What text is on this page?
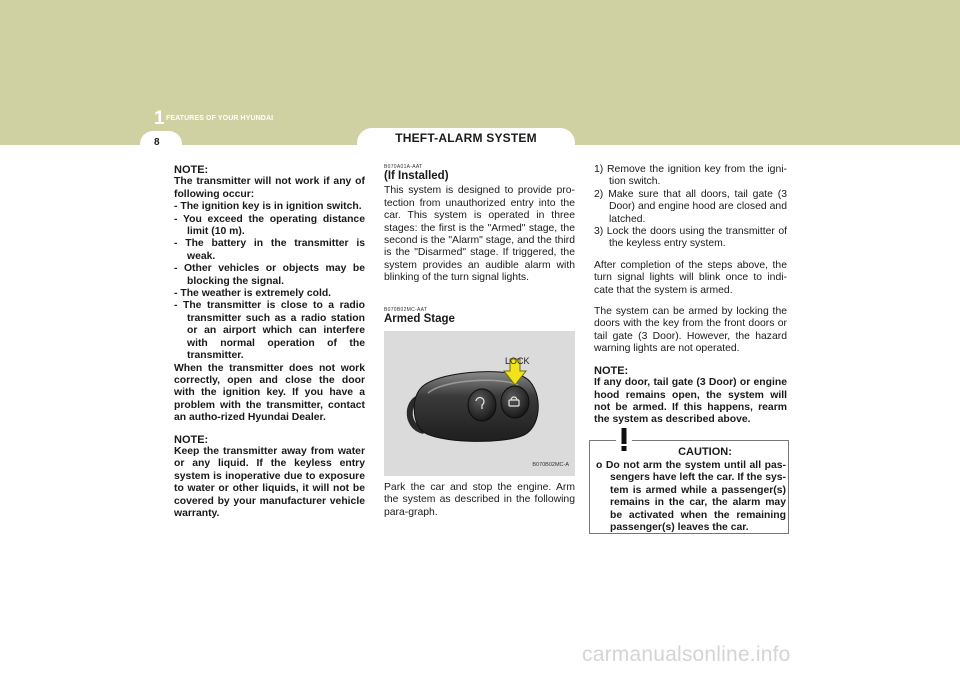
1 FEATURES OF YOUR HYUNDAI
8	THEFT-ALARM SYSTEM
NOTE:
The transmitter will not work if any of following occur:
- The ignition key is in ignition switch.
- You exceed the operating distance limit (10 m).
- The battery in the transmitter is weak.
- Other vehicles or objects may be blocking the signal.
- The weather is extremely cold.
- The transmitter is close to a radio transmitter such as a radio station or an airport which can interfere with normal operation of the transmitter.
When the transmitter does not work correctly, open and close the door with the ignition key. If you have a problem with the transmitter, contact an autho-rized Hyundai Dealer.
NOTE:
Keep the transmitter away from water or any liquid. If the keyless entry system is inoperative due to exposure to water or other liquids, it will not be covered by your manufacturer vehicle warranty.
B070A01A-AAT
(If Installed)
This system is designed to provide pro-tection from unauthorized entry into the car. This system is operated in three stages: the first is the "Armed" stage, the second is the "Alarm" stage, and the third is the "Disarmed" stage. If triggered, the system provides an audible alarm with blinking of the turn signal lights.
B070B02MC-AAT
Armed Stage
LOCK
B070B02MC-A
Park the car and stop the engine. Arm the system as described in the following para-graph.
1) Remove the ignition key from the igni-tion switch.
2) Make sure that all doors, tail gate (3 Door) and engine hood are closed and latched.
3) Lock the doors using the transmitter of the keyless entry system.
After completion of the steps above, the turn signal lights will blink once to indi-cate that the system is armed.
The system can be armed by locking the doors with the key from the front doors or tail gate (3 Door). However, the hazard warning lights are not operated.
NOTE:
If any door, tail gate (3 Door) or engine hood remains open, the system will not be armed. If this happens, rearm the system as described above.
CAUTION:
o Do not arm the system until all pas-sengers have left the car. If the sys-tem is armed while a passenger(s) remains in the car, the alarm may be activated when the remaining passenger(s) leaves the car.
carmanualsonline.info
